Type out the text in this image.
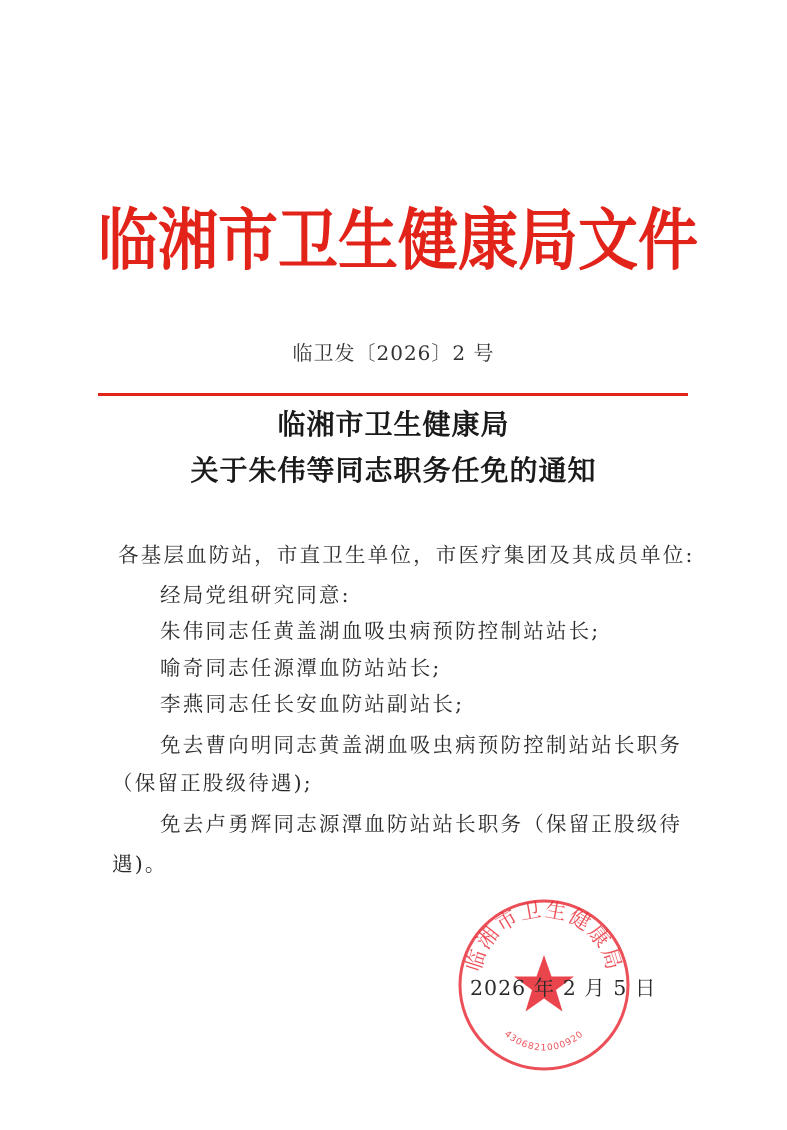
临 湘 市 卫 生 健 康 局 文 件
临卫发〔2026〕2 号
临湘市卫生健康局
关于朱伟等同志职务任免的通知
各基层血防站，市直卫生单位，市医疗集团及其成员单位:
经局党组研究同意:
朱伟同志任黄盖湖血吸虫病预防控制站站长;
喻奇同志任源潭血防站站长;
李燕同志任长安血防站副站长;
免去曹向明同志黄盖湖血吸虫病预防控制站站长职务
（保留正股级待遇);
免去卢勇辉同志源潭血防站站长职务（保留正股级待
遇)。
临湘市卫生健康局
4306821000920
2026 年 2 月 5 日
